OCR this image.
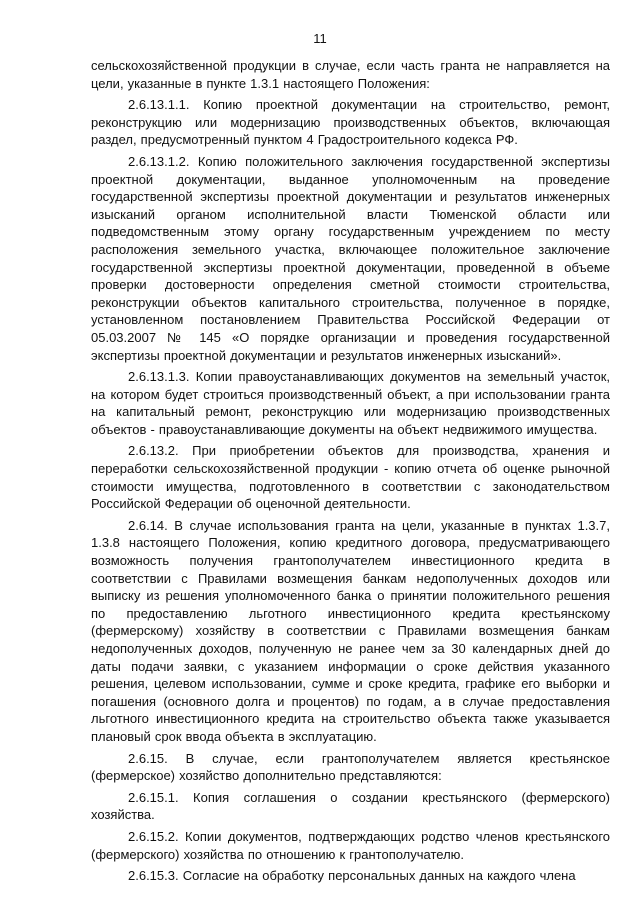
11

сельскохозяйственной продукции в случае, если часть гранта не направляется на цели, указанные в пункте 1.3.1 настоящего Положения:

2.6.13.1.1. Копию проектной документации на строительство, ремонт, реконструкцию или модернизацию производственных объектов, включающая раздел, предусмотренный пунктом 4 Градостроительного кодекса РФ.

2.6.13.1.2. Копию положительного заключения государственной экспертизы проектной документации, выданное уполномоченным на проведение государственной экспертизы проектной документации и результатов инженерных изысканий органом исполнительной власти Тюменской области или подведомственным этому органу государственным учреждением по месту расположения земельного участка, включающее положительное заключение государственной экспертизы проектной документации, проведенной в объеме проверки достоверности определения сметной стоимости строительства, реконструкции объектов капитального строительства, полученное в порядке, установленном постановлением Правительства Российской Федерации от 05.03.2007 № 145 «О порядке организации и проведения государственной экспертизы проектной документации и результатов инженерных изысканий».

2.6.13.1.3. Копии правоустанавливающих документов на земельный участок, на котором будет строиться производственный объект, а при использовании гранта на капитальный ремонт, реконструкцию или модернизацию производственных объектов - правоустанавливающие документы на объект недвижимого имущества.

2.6.13.2. При приобретении объектов для производства, хранения и переработки сельскохозяйственной продукции - копию отчета об оценке рыночной стоимости имущества, подготовленного в соответствии с законодательством Российской Федерации об оценочной деятельности.

2.6.14. В случае использования гранта на цели, указанные в пунктах 1.3.7, 1.3.8 настоящего Положения, копию кредитного договора, предусматривающего возможность получения грантополучателем инвестиционного кредита в соответствии с Правилами возмещения банкам недополученных доходов или выписку из решения уполномоченного банка о принятии положительного решения по предоставлению льготного инвестиционного кредита крестьянскому (фермерскому) хозяйству в соответствии с Правилами возмещения банкам недополученных доходов, полученную не ранее чем за 30 календарных дней до даты подачи заявки, с указанием информации о сроке действия указанного решения, целевом использовании, сумме и сроке кредита, графике его выборки и погашения (основного долга и процентов) по годам, а в случае предоставления льготного инвестиционного кредита на строительство объекта также указывается плановый срок ввода объекта в эксплуатацию.

2.6.15. В случае, если грантополучателем является крестьянское (фермерское) хозяйство дополнительно представляются:

2.6.15.1. Копия соглашения о создании крестьянского (фермерского) хозяйства.

2.6.15.2. Копии документов, подтверждающих родство членов крестьянского (фермерского) хозяйства по отношению к грантополучателю.

2.6.15.3. Согласие на обработку персональных данных на каждого члена
